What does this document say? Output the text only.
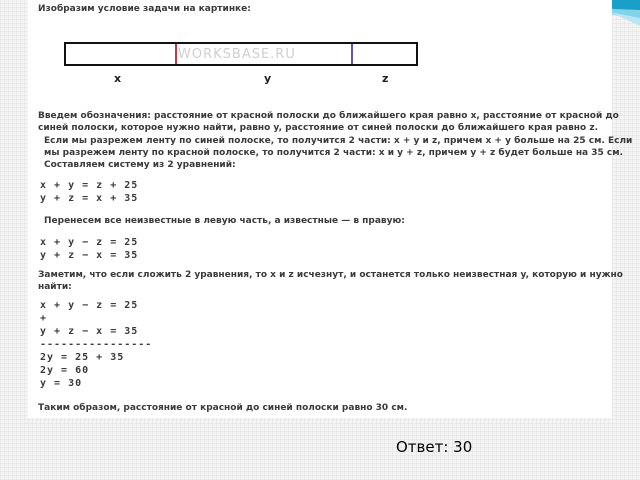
Изобразим условие задачи на картинке:
WORKSBASE.RU
x	y	z
Введем обозначения: расстояние от красной полоски до ближайшего края равно x, расстояние от красной до
синей полоски, которое нужно найти, равно y, расстояние от синей полоски до ближайшего края равно z.
Если мы разрежем ленту по синей полоске, то получится 2 части: x + y и z, причем x + y больше на 25 см. Если
мы разрежем ленту по красной полоске, то получится 2 части: x и y + z, причем y + z будет больше на 35 см.
Составляем систему из 2 уравнений:
x + y = z + 25
y + z = x + 35
Перенесем все неизвестные в левую часть, а известные — в правую:
x + y − z = 25
y + z − x = 35
Заметим, что если сложить 2 уравнения, то x и z исчезнут, и останется только неизвестная y, которую и нужно
найти:
x + y − z = 25
+
y + z − x = 35
----------------
2y = 25 + 35
2y = 60
y = 30
Таким образом, расстояние от красной до синей полоски равно 30 см.
Ответ: 30
